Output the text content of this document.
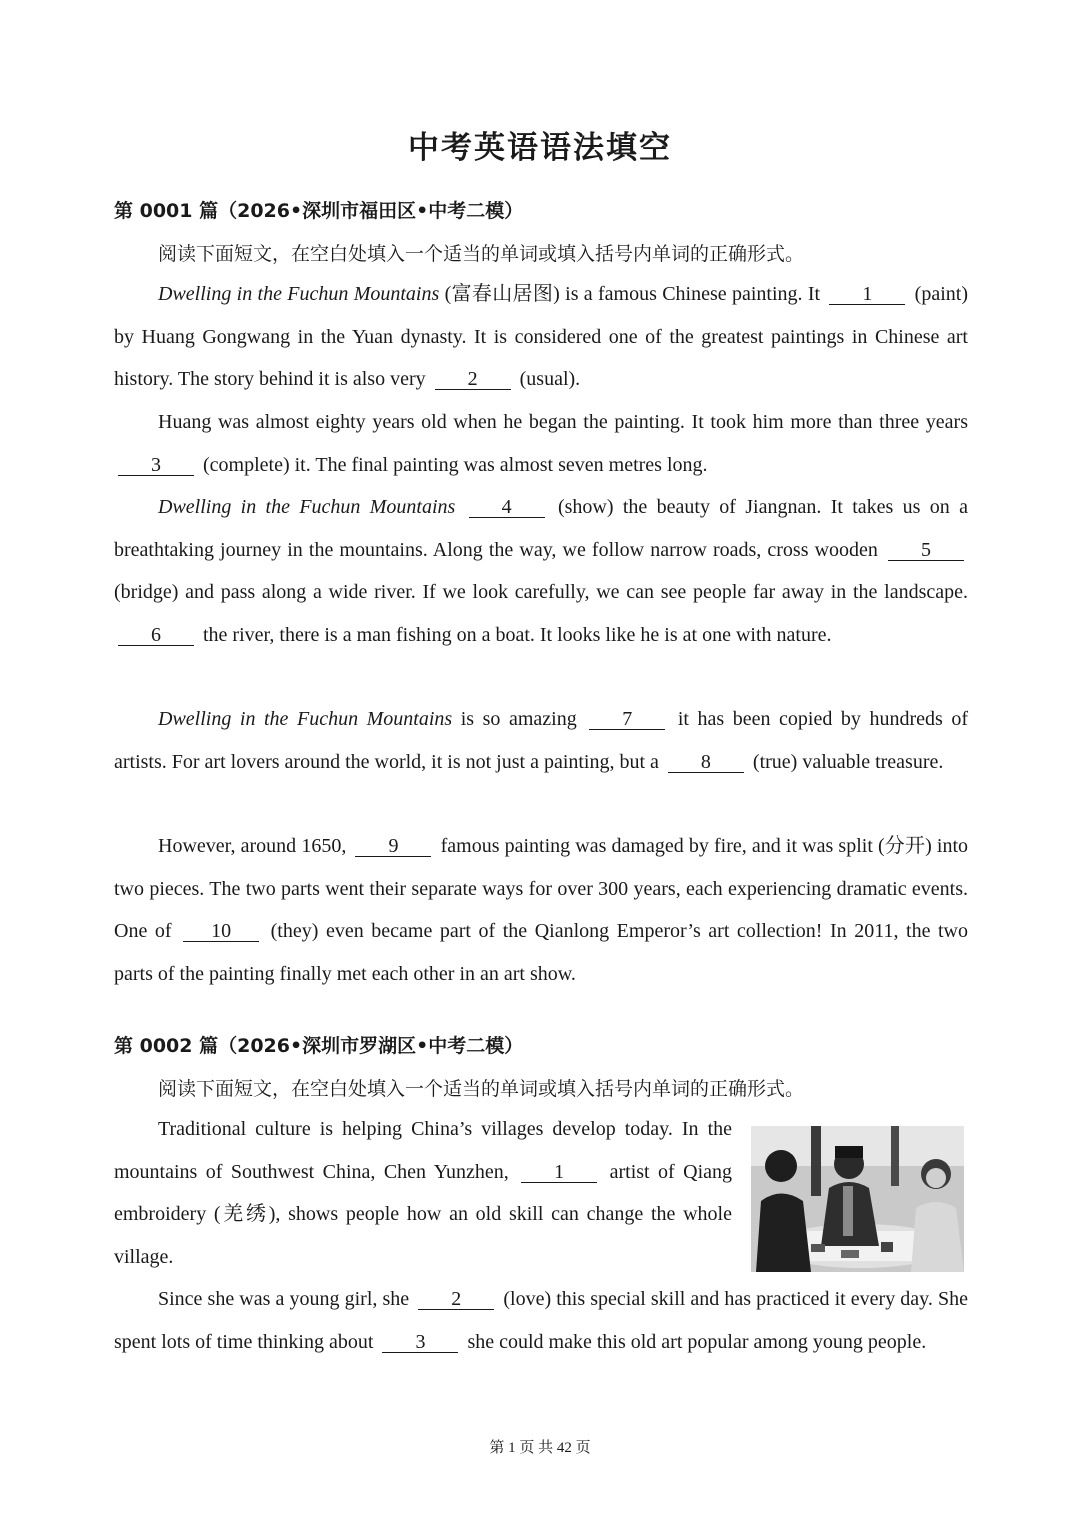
中考英语语法填空
第 0001 篇（2026•深圳市福田区•中考二模）
阅读下面短文，在空白处填入一个适当的单词或填入括号内单词的正确形式。

Dwelling in the Fuchun Mountains (富春山居图) is a famous Chinese painting. It 1 (paint) by Huang Gongwang in the Yuan dynasty. It is considered one of the greatest paintings in Chinese art history. The story behind it is also very 2 (usual).

Huang was almost eighty years old when he began the painting. It took him more than three years 3 (complete) it. The final painting was almost seven metres long.

Dwelling in the Fuchun Mountains 4 (show) the beauty of Jiangnan. It takes us on a breathtaking journey in the mountains. Along the way, we follow narrow roads, cross wooden 5 (bridge) and pass along a wide river. If we look carefully, we can see people far away in the landscape. 6 the river, there is a man fishing on a boat. It looks like he is at one with nature.

Dwelling in the Fuchun Mountains is so amazing 7 it has been copied by hundreds of artists. For art lovers around the world, it is not just a painting, but a 8 (true) valuable treasure.

However, around 1650, 9 famous painting was damaged by fire, and it was split (分开) into two pieces. The two parts went their separate ways for over 300 years, each experiencing dramatic events. One of 10 (they) even became part of the Qianlong Emperor’s art collection! In 2011, the two parts of the painting finally met each other in an art show.

第 0002 篇（2026•深圳市罗湖区•中考二模）
阅读下面短文，在空白处填入一个适当的单词或填入括号内单词的正确形式。

Traditional culture is helping China’s villages develop today. In the mountains of Southwest China, Chen Yunzhen, 1 artist of Qiang embroidery (羌绣), shows people how an old skill can change the whole village.

Since she was a young girl, she 2 (love) this special skill and has practiced it every day. She spent lots of time thinking about 3 she could make this old art popular among young people.

第 1 页 共 42 页
